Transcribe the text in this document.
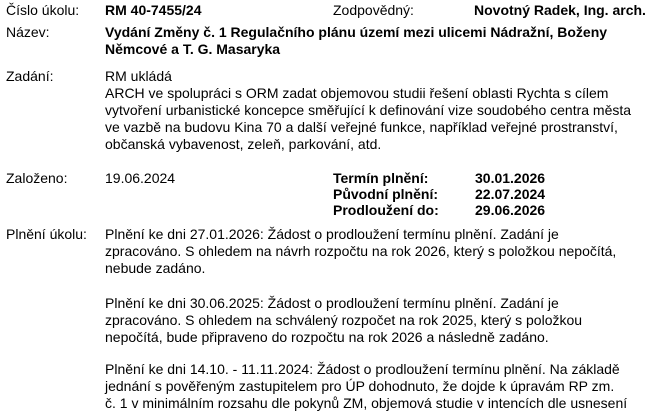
Číslo úkolu: RM 40-7455/24	Zodpovědný:	Novotný Radek, Ing. arch.
Název:	Vydání Změny č. 1 Regulačního plánu území mezi ulicemi Nádražní, Boženy
Němcové a T. G. Masaryka
Zadání:	RM ukládá
ARCH ve spolupráci s ORM zadat objemovou studii řešení oblasti Rychta s cílem
vytvoření urbanistické koncepce směřující k definování vize soudobého centra města
ve vazbě na budovu Kina 70 a další veřejné funkce, například veřejné prostranství,
občanská vybavenost, zeleň, parkování, atd.
Založeno:	19.06.2024	Termín plnění:	30.01.2026
Původní plnění:	22.07.2024
Prodloužení do:	29.06.2026
Plnění úkolu: Plnění ke dni 27.01.2026: Žádost o prodloužení termínu plnění. Zadání je
zpracováno. S ohledem na návrh rozpočtu na rok 2026, který s položkou nepočítá,
nebude zadáno.
Plnění ke dni 30.06.2025: Žádost o prodloužení termínu plnění. Zadání je
zpracováno. S ohledem na schválený rozpočet na rok 2025, který s položkou
nepočítá, bude připraveno do rozpočtu na rok 2026 a následně zadáno.
Plnění ke dni 14.10. - 11.11.2024: Žádost o prodloužení termínu plnění. Na základě
jednání s pověřeným zastupitelem pro ÚP dohodnuto, že dojde k úpravám RP zm.
č. 1 v minimálním rozsahu dle pokynů ZM, objemová studie v intencích dle usnesení
